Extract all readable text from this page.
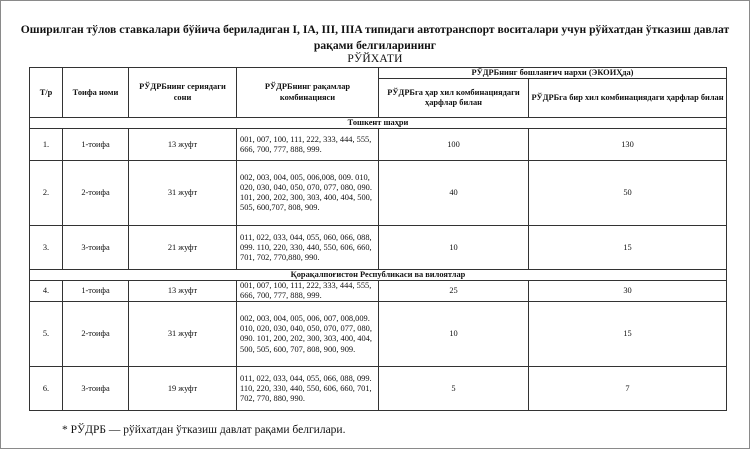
Оширилган тўлов ставкалари бўйича бериладиган I, IA, III, IIIA типидаги автотранспорт воситалари учун рўйхатдан ўтказиш давлат рақами белгиларининг
РЎЙХАТИ
Т/р	Тоифа номи	РЎДРБнинг сериядаги сони	РЎДРБнинг рақамлар комбинацияси	РЎДРБнинг бошланғич нархи (ЭКОИҲда)	
				РЎДРБга ҳар хил комбинациядаги ҳарфлар билан	РЎДРБга бир хил комбинациядаги ҳарфлар билан
Тошкент шаҳри					
1.	1-тоифа	13 жуфт	001, 007, 100, 111, 222, 333, 444, 555, 666, 700, 777, 888, 999.	100	130
2.	2-тоифа	31 жуфт	002, 003, 004, 005, 006,008, 009. 010, 020, 030, 040, 050, 070, 077, 080, 090. 101, 200, 202, 300, 303, 400, 404, 500, 505, 600,707, 808, 909.	40	50
3.	3-тоифа	21 жуфт	011, 022, 033, 044, 055, 060, 066, 088, 099. 110, 220, 330, 440, 550, 606, 660, 701, 702, 770,880, 990.	10	15
Қорақалпоғистон Республикаси ва вилоятлар					
4.	1-тоифа	13 жуфт	001, 007, 100, 111, 222, 333, 444, 555, 666, 700, 777, 888, 999.	25	30
5.	2-тоифа	31 жуфт	002, 003, 004, 005, 006, 007, 008,009. 010, 020, 030, 040, 050, 070, 077, 080, 090. 101, 200, 202, 300, 303, 400, 404, 500, 505, 600, 707, 808, 900, 909.	10	15
6.	3-тоифа	19 жуфт	011, 022, 033, 044, 055, 066, 088, 099. 110, 220, 330, 440, 550, 606, 660, 701, 702, 770, 880, 990.	5	7
* РЎДРБ — рўйхатдан ўтказиш давлат рақами белгилари.
